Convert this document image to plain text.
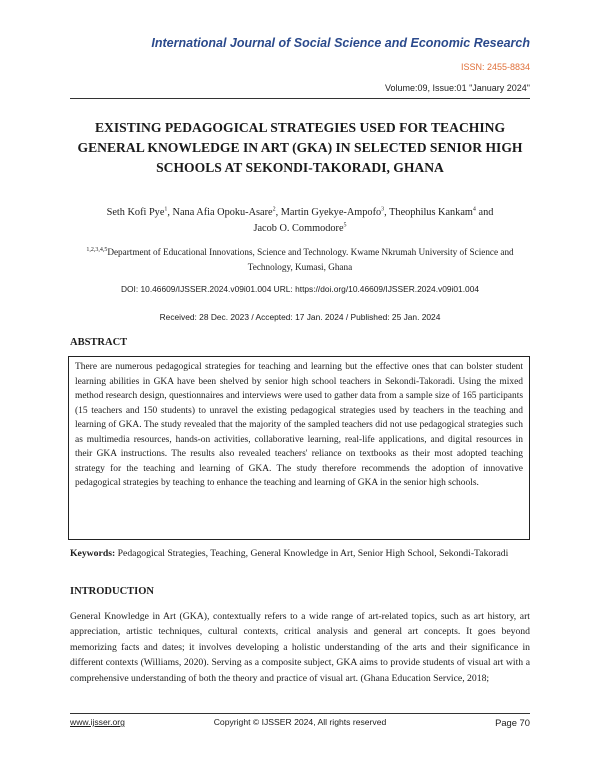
International Journal of Social Science and Economic Research
ISSN: 2455-8834
Volume:09, Issue:01 "January 2024"
EXISTING PEDAGOGICAL STRATEGIES USED FOR TEACHING
GENERAL KNOWLEDGE IN ART (GKA) IN SELECTED SENIOR HIGH
SCHOOLS AT SEKONDI-TAKORADI, GHANA
Seth Kofi Pye$^1$, Nana Afia Opoku-Asare$^2$, Martin Gyekye-Ampofo$^3$, Theophilus Kankam$^4$ and
Jacob O. Commodore$^5$
$^{1,2,3,4,5}$Department of Educational Innovations, Science and Technology. Kwame Nkrumah University of Science and Technology, Kumasi, Ghana
DOI: 10.46609/IJSSER.2024.v09i01.004 URL: https://doi.org/10.46609/IJSSER.2024.v09i01.004
Received: 28 Dec. 2023 / Accepted: 17 Jan. 2024 / Published: 25 Jan. 2024
ABSTRACT

There are numerous pedagogical strategies for teaching and learning but the effective ones that can bolster student learning abilities in GKA have been shelved by senior high school teachers in Sekondi-Takoradi. Using the mixed method research design, questionnaires and interviews were used to gather data from a sample size of 165 participants (15 teachers and 150 students) to unravel the existing pedagogical strategies used by teachers in the teaching and learning of GKA. The study revealed that the majority of the sampled teachers did not use pedagogical strategies such as multimedia resources, hands-on activities, collaborative learning, real-life applications, and digital resources in their GKA instructions. The results also revealed teachers' reliance on textbooks as their most adopted teaching strategy for the teaching and learning of GKA. The study therefore recommends the adoption of innovative pedagogical strategies by teaching to enhance the teaching and learning of GKA in the senior high schools.

Keywords: Pedagogical Strategies, Teaching, General Knowledge in Art, Senior High School, Sekondi-Takoradi
INTRODUCTION

General Knowledge in Art (GKA), contextually refers to a wide range of art-related topics, such as art history, art appreciation, artistic techniques, cultural contexts, critical analysis and general art concepts. It goes beyond memorizing facts and dates; it involves developing a holistic understanding of the arts and their significance in different contexts (Williams, 2020). Serving as a composite subject, GKA aims to provide students of visual art with a comprehensive understanding of both the theory and practice of visual art. (Ghana Education Service, 2018;

www.ijsser.org	Copyright © IJSSER 2024, All rights reserved	Page 70
